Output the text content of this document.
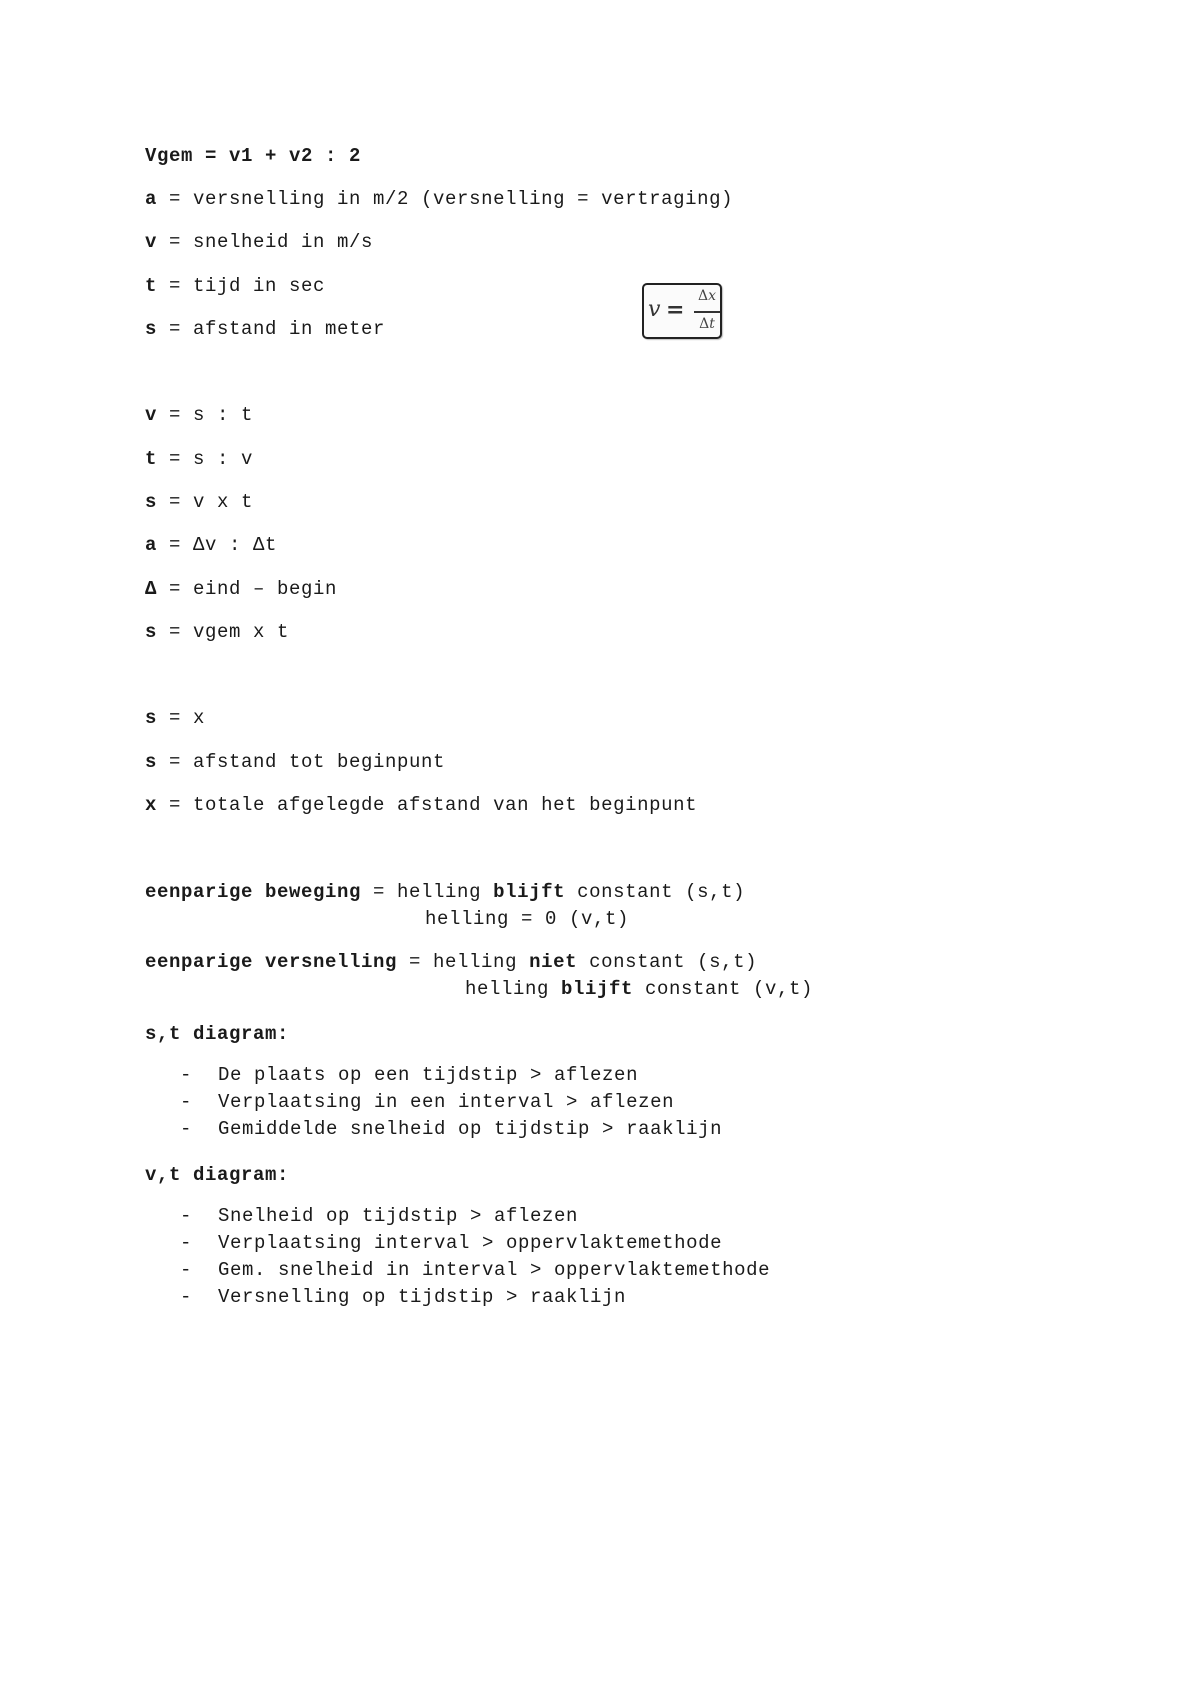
Vgem = v1 + v2 : 2
a = versnelling in m/2 (versnelling = vertraging)
v = snelheid in m/s
t = tijd in sec
s = afstand in meter
v =
Δx
Δt
v = s : t
t = s : v
s = v x t
a = Δv : Δt
Δ = eind – begin
s = vgem x t
s = x
s = afstand tot beginpunt
x = totale afgelegde afstand van het beginpunt
eenparige beweging = helling blijft constant (s,t)
helling = 0 (v,t)
eenparige versnelling = helling niet constant (s,t)
helling blijft constant (v,t)
s,t diagram:
- De plaats op een tijdstip > aflezen
- Verplaatsing in een interval > aflezen
- Gemiddelde snelheid op tijdstip > raaklijn
v,t diagram:
- Snelheid op tijdstip > aflezen
- Verplaatsing interval > oppervlaktemethode
- Gem. snelheid in interval > oppervlaktemethode
- Versnelling op tijdstip > raaklijn
